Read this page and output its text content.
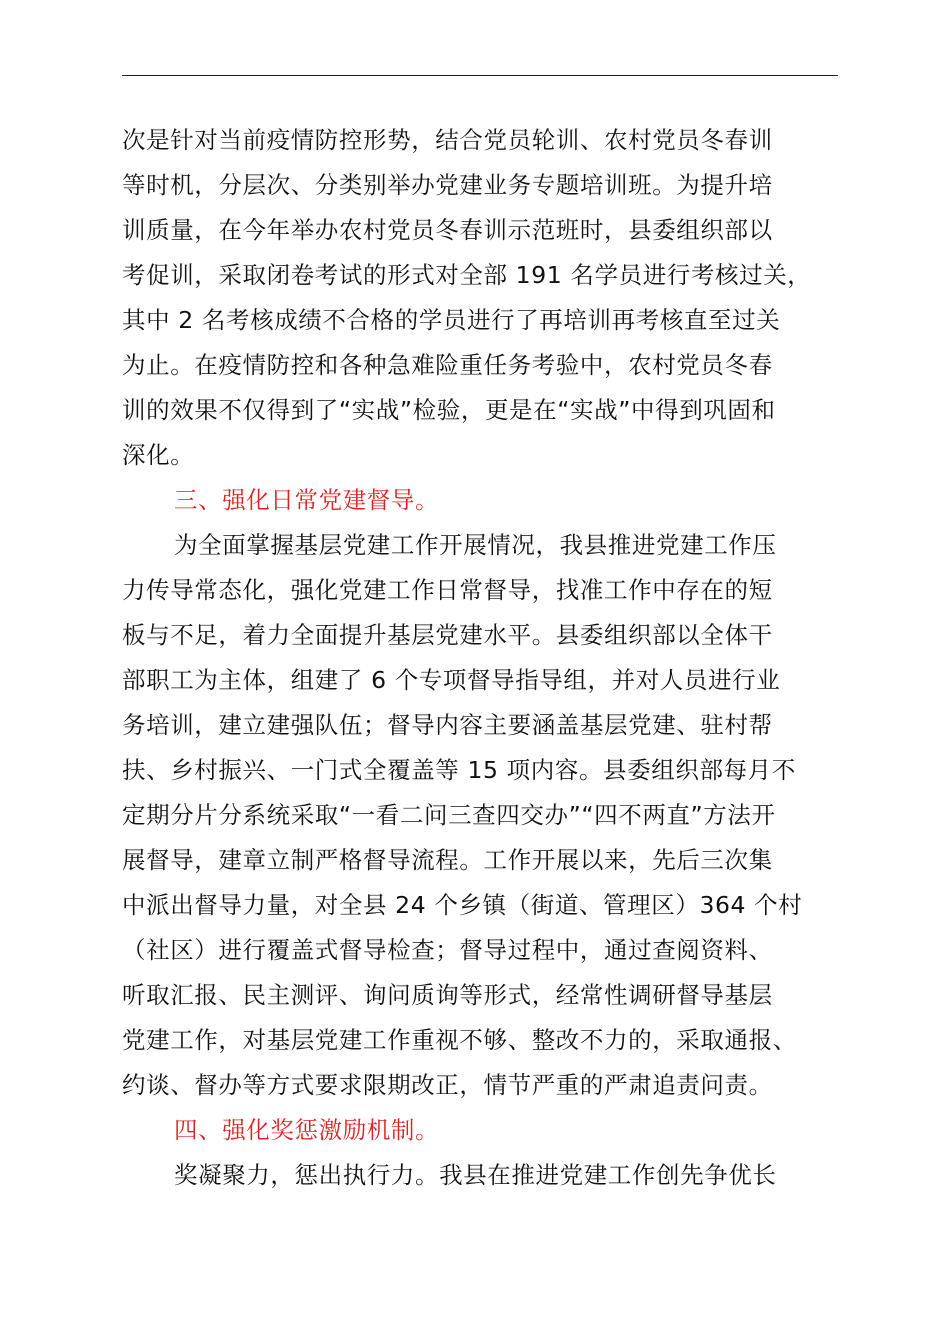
次是针对当前疫情防控形势，结合党员轮训、农村党员冬春训
等时机，分层次、分类别举办党建业务专题培训班。为提升培
训质量，在今年举办农村党员冬春训示范班时，县委组织部以
考促训，采取闭卷考试的形式对全部 191 名学员进行考核过关，
其中 2 名考核成绩不合格的学员进行了再培训再考核直至过关
为止。在疫情防控和各种急难险重任务考验中，农村党员冬春
训的效果不仅得到了“实战”检验，更是在“实战”中得到巩固和
深化。
三、强化日常党建督导。
为全面掌握基层党建工作开展情况，我县推进党建工作压
力传导常态化，强化党建工作日常督导，找准工作中存在的短
板与不足，着力全面提升基层党建水平。县委组织部以全体干
部职工为主体，组建了 6 个专项督导指导组，并对人员进行业
务培训，建立建强队伍；督导内容主要涵盖基层党建、驻村帮
扶、乡村振兴、一门式全覆盖等 15 项内容。县委组织部每月不
定期分片分系统采取“一看二问三查四交办”“四不两直”方法开
展督导，建章立制严格督导流程。工作开展以来，先后三次集
中派出督导力量，对全县 24 个乡镇（街道、管理区）364 个村
（社区）进行覆盖式督导检查；督导过程中，通过查阅资料、
听取汇报、民主测评、询问质询等形式，经常性调研督导基层
党建工作，对基层党建工作重视不够、整改不力的，采取通报、
约谈、督办等方式要求限期改正，情节严重的严肃追责问责。
四、强化奖惩激励机制。
奖凝聚力，惩出执行力。我县在推进党建工作创先争优长
